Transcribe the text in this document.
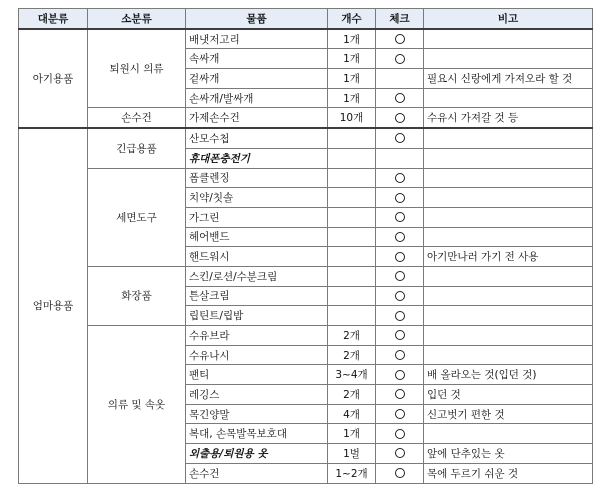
대분류	소분류	물품	개수	체크	비고
아기용품	퇴원시 의류	배냇저고리	1개		
		속싸개	1개		
		겉싸개	1개		필요시 신랑에게 가져오라 할 것
		손싸개/발싸개	1개		
	손수건	가제손수건	10개		수유시 가져갈 것 등
엄마용품	긴급용품	산모수첩			
		휴대폰충전기			
	세면도구	폼클렌징			
		치약/칫솔			
		가그린			
		헤어밴드			
		핸드워시			아기만나러 가기 전 사용
	화장품	스킨/로션/수분크림			
		튼살크림			
		립틴트/립밤			
	의류 및 속옷	수유브라	2개		
		수유나시	2개		
		팬티	3~4개		배 올라오는 것(입던 것)
		레깅스	2개		입던 것
		목긴양말	4개		신고벗기 편한 것
		복대, 손목발목보호대	1개		
		외출용/퇴원용 옷	1벌		앞에 단추있는 옷
		손수건	1~2개		목에 두르기 쉬운 것
